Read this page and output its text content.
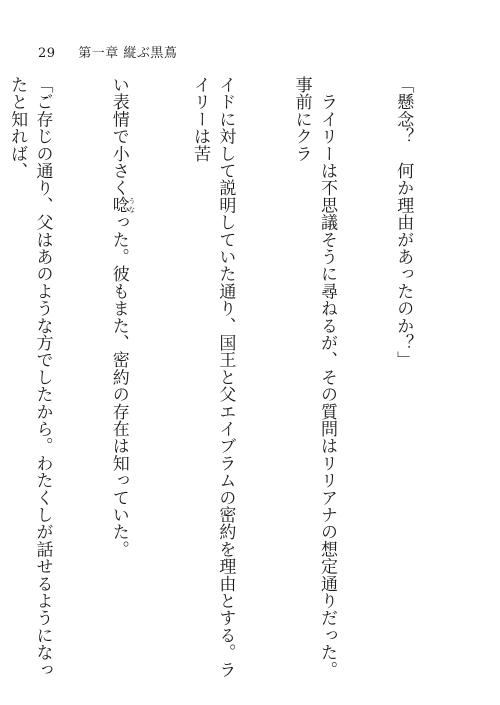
29 第一章 縦ぶ黒蔦

「懸念？　何か理由があったのか？」

　ライリーは不思議そうに尋ねるが、その質問はリリアナの想定通りだった。事前にクラ

イドに対して説明していた通り、国王と父エイブラムの密約を理由とする。ライリーは苦

い表情で小さく唸 うなった。彼もまた、密約の存在は知っていた。

「ご存じの通り、父はあのような方でしたから。わたくしが話せるようになったと知れば、
